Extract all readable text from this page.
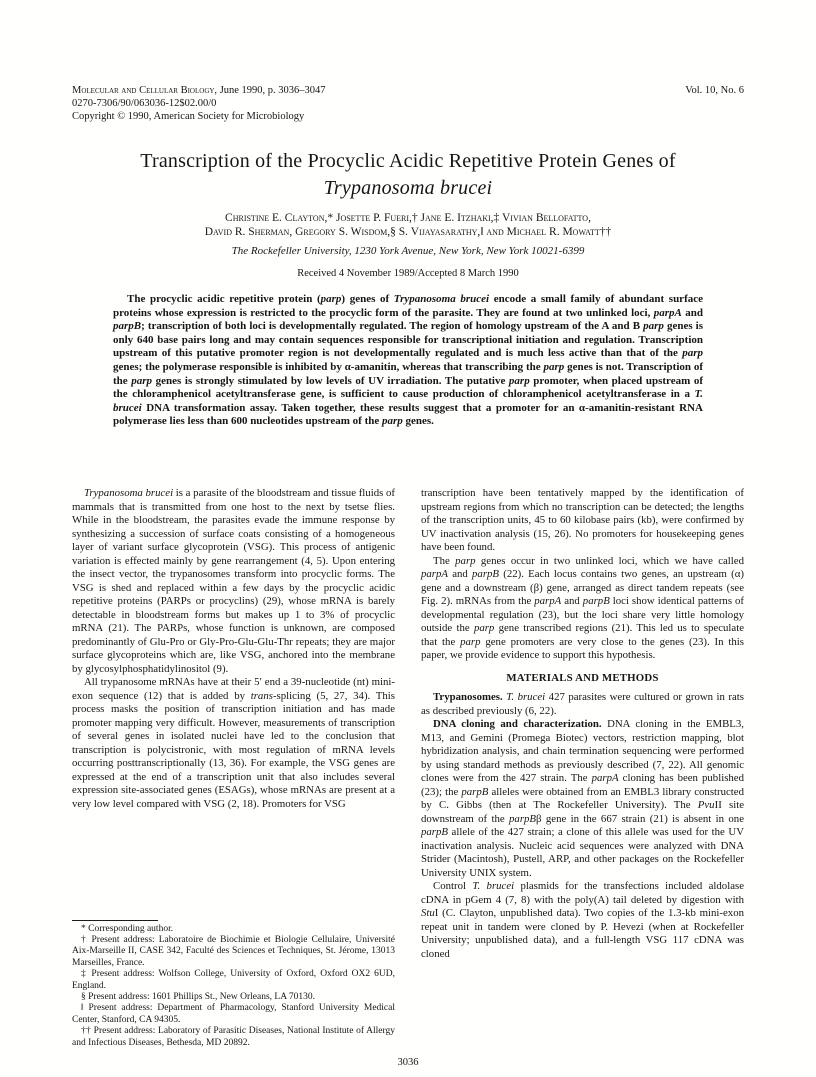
Molecular and Cellular Biology, June 1990, p. 3036–3047
0270-7306/90/063036-12$02.00/0
Copyright © 1990, American Society for Microbiology
Vol. 10, No. 6
Transcription of the Procyclic Acidic Repetitive Protein Genes of
Trypanosoma brucei
Christine E. Clayton,* Josette P. Fueri,† Jane E. Itzhaki,‡ Vivian Bellofatto,
David R. Sherman, Gregory S. Wisdom,§ S. Vijayasarathy,‖ and Michael R. Mowatt††
The Rockefeller University, 1230 York Avenue, New York, New York 10021-6399
Received 4 November 1989/Accepted 8 March 1990

The procyclic acidic repetitive protein (parp) genes of Trypanosoma brucei encode a small family of abundant surface proteins whose expression is restricted to the procyclic form of the parasite. They are found at two unlinked loci, parpA and parpB; transcription of both loci is developmentally regulated. The region of homology upstream of the A and B parp genes is only 640 base pairs long and may contain sequences responsible for transcriptional initiation and regulation. Transcription upstream of this putative promoter region is not developmentally regulated and is much less active than that of the parp genes; the polymerase responsible is inhibited by α-amanitin, whereas that transcribing the parp genes is not. Transcription of the parp genes is strongly stimulated by low levels of UV irradiation. The putative parp promoter, when placed upstream of the chloramphenicol acetyltransferase gene, is sufficient to cause production of chloramphenicol acetyltransferase in a T. brucei DNA transformation assay. Taken together, these results suggest that a promoter for an α-amanitin-resistant RNA polymerase lies less than 600 nucleotides upstream of the parp genes.

Trypanosoma brucei is a parasite of the bloodstream and tissue fluids of mammals that is transmitted from one host to the next by tsetse flies. While in the bloodstream, the parasites evade the immune response by synthesizing a succession of surface coats consisting of a homogeneous layer of variant surface glycoprotein (VSG). This process of antigenic variation is effected mainly by gene rearrangement (4, 5). Upon entering the insect vector, the trypanosomes transform into procyclic forms. The VSG is shed and replaced within a few days by the procyclic acidic repetitive proteins (PARPs or procyclins) (29), whose mRNA is barely detectable in bloodstream forms but makes up 1 to 3% of procyclic mRNA (21). The PARPs, whose function is unknown, are composed predominantly of Glu-Pro or Gly-Pro-Glu-Glu-Thr repeats; they are major surface glycoproteins which are, like VSG, anchored into the membrane by glycosylphosphatidylinositol (9).

All trypanosome mRNAs have at their 5′ end a 39-nucleotide (nt) mini-exon sequence (12) that is added by trans-splicing (5, 27, 34). This process masks the position of transcription initiation and has made promoter mapping very difficult. However, measurements of transcription of several genes in isolated nuclei have led to the conclusion that transcription is polycistronic, with most regulation of mRNA levels occurring posttranscriptionally (13, 36). For example, the VSG genes are expressed at the end of a transcription unit that also includes several expression site-associated genes (ESAGs), whose mRNAs are present at a very low level compared with VSG (2, 18). Promoters for VSG

* Corresponding author.

† Present address: Laboratoire de Biochimie et Biologie Cellulaire, Université Aix-Marseille II, CASE 342, Faculté des Sciences et Techniques, St. Jérome, 13013 Marseilles, France.

‡ Present address: Wolfson College, University of Oxford, Oxford OX2 6UD, England.

§ Present address: 1601 Phillips St., New Orleans, LA 70130.

‖ Present address: Department of Pharmacology, Stanford University Medical Center, Stanford, CA 94305.

†† Present address: Laboratory of Parasitic Diseases, National Institute of Allergy and Infectious Diseases, Bethesda, MD 20892.

transcription have been tentatively mapped by the identification of upstream regions from which no transcription can be detected; the lengths of the transcription units, 45 to 60 kilobase pairs (kb), were confirmed by UV inactivation analysis (15, 26). No promoters for housekeeping genes have been found.

The parp genes occur in two unlinked loci, which we have called parpA and parpB (22). Each locus contains two genes, an upstream (α) gene and a downstream (β) gene, arranged as direct tandem repeats (see Fig. 2). mRNAs from the parpA and parpB loci show identical patterns of developmental regulation (23), but the loci share very little homology outside the parp gene transcribed regions (21). This led us to speculate that the parp gene promoters are very close to the genes (23). In this paper, we provide evidence to support this hypothesis.

MATERIALS AND METHODS

Trypanosomes. T. brucei 427 parasites were cultured or grown in rats as described previously (6, 22).

DNA cloning and characterization. DNA cloning in the EMBL3, M13, and Gemini (Promega Biotec) vectors, restriction mapping, blot hybridization analysis, and chain termination sequencing were performed by using standard methods as previously described (7, 22). All genomic clones were from the 427 strain. The parpA cloning has been published (23); the parpB alleles were obtained from an EMBL3 library constructed by C. Gibbs (then at The Rockefeller University). The PvuII site downstream of the parpBβ gene in the 667 strain (21) is absent in one parpB allele of the 427 strain; a clone of this allele was used for the UV inactivation analysis. Nucleic acid sequences were analyzed with DNA Strider (Macintosh), Pustell, ARP, and other packages on the Rockefeller University UNIX system.

Control T. brucei plasmids for the transfections included aldolase cDNA in pGem 4 (7, 8) with the poly(A) tail deleted by digestion with StuI (C. Clayton, unpublished data). Two copies of the 1.3-kb mini-exon repeat unit in tandem were cloned by P. Hevezi (when at Rockefeller University; unpublished data), and a full-length VSG 117 cDNA was cloned

3036
